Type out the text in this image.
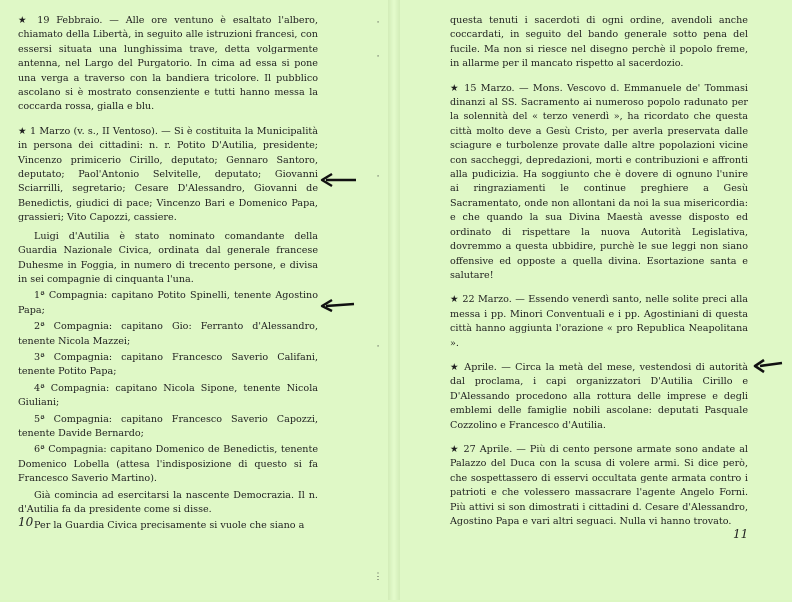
★ 19 Febbraio. — Alle ore ventuno è esaltato l'albero, chiamato della Libertà, in seguito alle istruzioni francesi, con essersi situata una lunghissima trave, detta volgarmente antenna, nel Largo del Purgatorio. In cima ad essa si pone una verga a traverso con la bandiera tricolore. Il pubblico ascolano si è mostrato consenziente e tutti hanno messa la coccarda rossa, gialla e blu.

★ 1 Marzo (v. s., II Ventoso). — Si è costituita la Municipalità in persona dei cittadini: n. r. Potito D'Autilia, presidente; Vincenzo primicerio Cirillo, deputato; Gennaro Santoro, deputato; Paol'Antonio Selvitelle, deputato; Giovanni Sciarrilli, segretario; Cesare D'Alessandro, Giovanni de Benedictis, giudici di pace; Vincenzo Bari e Domenico Papa, grassieri; Vito Capozzi, cassiere.

Luigi d'Autilia è stato nominato comandante della Guardia Nazionale Civica, ordinata dal generale francese Duhesme in Foggia, in numero di trecento persone, e divisa in sei compagnie di cinquanta l'una.

1ª Compagnia: capitano Potito Spinelli, tenente Agostino Papa;

2ª Compagnia: capitano Gio: Ferranto d'Alessandro, tenente Nicola Mazzei;

3ª Compagnia: capitano Francesco Saverio Califani, tenente Potito Papa;

4ª Compagnia: capitano Nicola Sipone, tenente Nicola Giuliani;

5ª Compagnia: capitano Francesco Saverio Capozzi, tenente Davide Bernardo;

6ª Compagnia: capitano Domenico de Benedictis, tenente Domenico Lobella (attesa l'indisposizione di questo si fa Francesco Saverio Martino).

Già comincia ad esercitarsi la nascente Democrazia. Il n. d'Autilia fa da presidente come si disse.

Per la Guardia Civica precisamente si vuole che siano a

10
·
·
·
·
⋮

questa tenuti i sacerdoti di ogni ordine, avendoli anche coccardati, in seguito del bando generale sotto pena del fucile. Ma non si riesce nel disegno perchè il popolo freme, in allarme per il mancato rispetto al sacerdozio.

★ 15 Marzo. — Mons. Vescovo d. Emmanuele de' Tommasi dinanzi al SS. Sacramento ai numeroso popolo radunato per la solennità del « terzo venerdì », ha ricordato che questa città molto deve a Gesù Cristo, per averla preservata dalle sciagure e turbolenze provate dalle altre popolazioni vicine con saccheggi, depredazioni, morti e contribuzioni e affronti alla pudicizia. Ha soggiunto che è dovere di ognuno l'unire ai ringraziamenti le continue preghiere a Gesù Sacramentato, onde non allontani da noi la sua misericordia: e che quando la sua Divina Maestà avesse disposto ed ordinato di rispettare la nuova Autorità Legislativa, dovremmo a questa ubbidire, purchè le sue leggi non siano offensive ed opposte a quella divina. Esortazione santa e salutare!

★ 22 Marzo. — Essendo venerdì santo, nelle solite preci alla messa i pp. Minori Conventuali e i pp. Agostiniani di questa città hanno aggiunta l'orazione « pro Republica Neapolitana ».

★ Aprile. — Circa la metà del mese, vestendosi di autorità dal proclama, i capi organizzatori D'Autilia Cirillo e D'Alessando procedono alla rottura delle imprese e degli emblemi delle famiglie nobili ascolane: deputati Pasquale Cozzolino e Francesco d'Autilia.

★ 27 Aprile. — Più di cento persone armate sono andate al Palazzo del Duca con la scusa di volere armi. Si dice però, che sospettassero di esservi occultata gente armata contro i patrioti e che volessero massacrare l'agente Angelo Forni. Più attivi si son dimostrati i cittadini d. Cesare d'Alessandro, Agostino Papa e vari altri seguaci. Nulla vi hanno trovato.

11
